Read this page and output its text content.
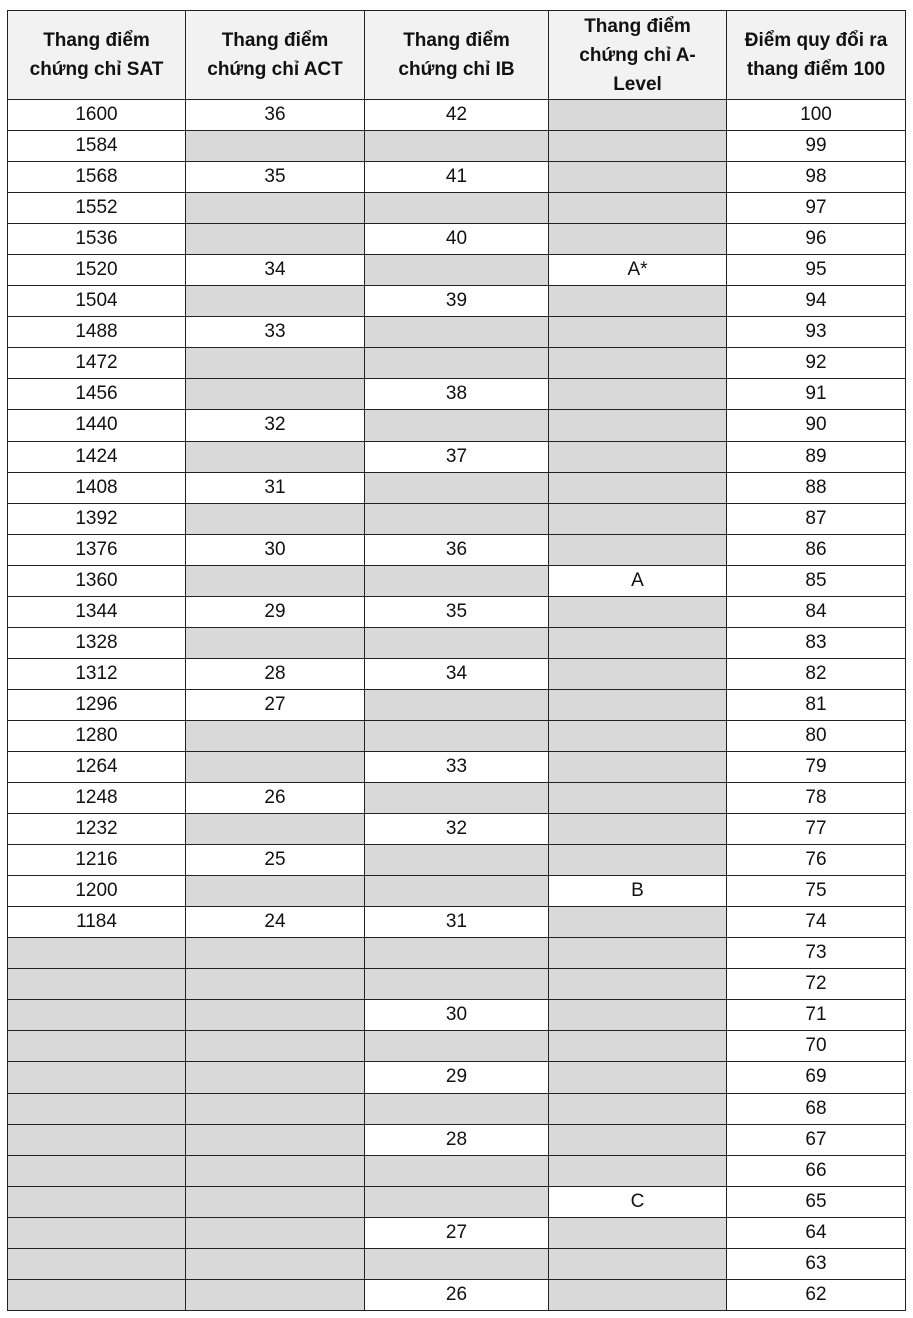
Thang điểm chứng chỉ SAT	Thang điểm chứng chỉ ACT	Thang điểm chứng chỉ IB	Thang điểm chứng chỉ A-Level	Điểm quy đổi ra thang điểm 100
1600	36	42		100
1584				99
1568	35	41		98
1552				97
1536		40		96
1520	34		A*	95
1504		39		94
1488	33			93
1472				92
1456		38		91
1440	32			90
1424		37		89
1408	31			88
1392				87
1376	30	36		86
1360			A	85
1344	29	35		84
1328				83
1312	28	34		82
1296	27			81
1280				80
1264		33		79
1248	26			78
1232		32		77
1216	25			76
1200			B	75
1184	24	31		74
				73
				72
		30		71
				70
		29		69
				68
		28		67
				66
			C	65
		27		64
				63
		26		62
